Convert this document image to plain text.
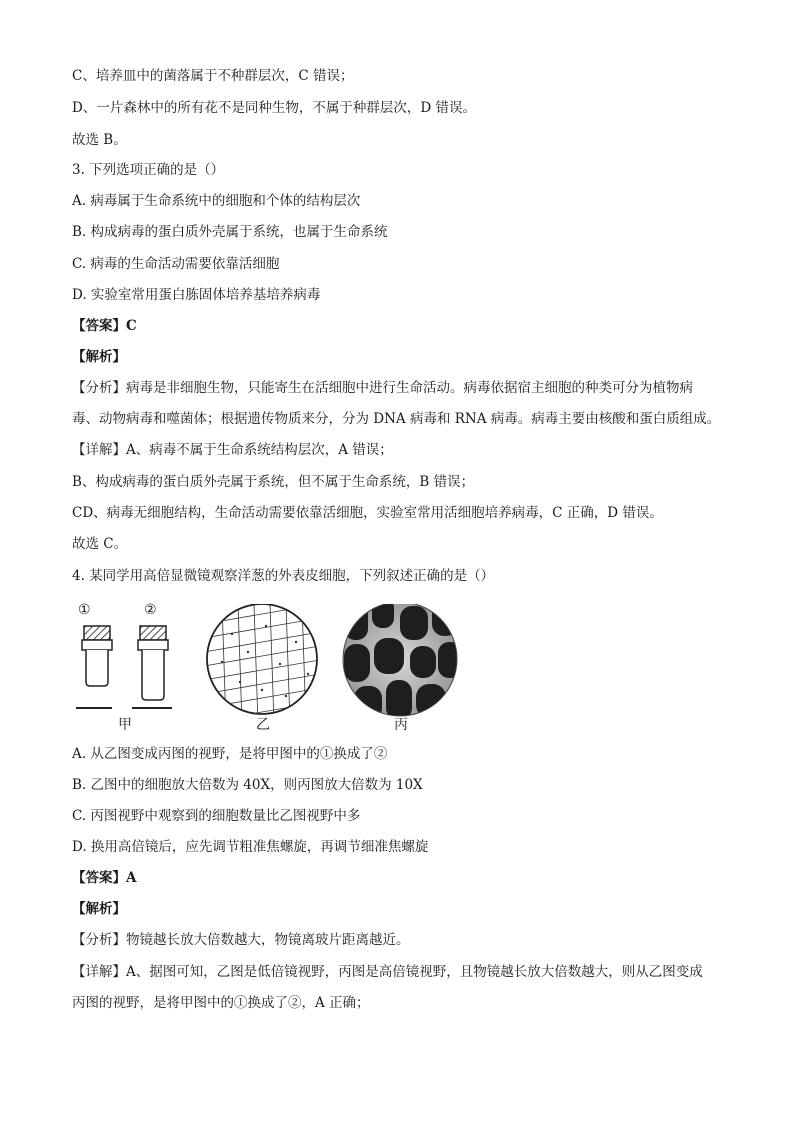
C、培养皿中的菌落属于不种群层次，C 错误；
D、一片森林中的所有花不是同种生物，不属于种群层次，D 错误。
故选 B。
3. 下列选项正确的是（）
A. 病毒属于生命系统中的细胞和个体的结构层次
B. 构成病毒的蛋白质外壳属于系统，也属于生命系统
C. 病毒的生命活动需要依靠活细胞
D. 实验室常用蛋白胨固体培养基培养病毒
【答案】C
【解析】
【分析】病毒是非细胞生物，只能寄生在活细胞中进行生命活动。病毒依据宿主细胞的种类可分为植物病
毒、动物病毒和噬菌体；根据遗传物质来分，分为 DNA 病毒和 RNA 病毒。病毒主要由核酸和蛋白质组成。
【详解】A、病毒不属于生命系统结构层次，A 错误；
B、构成病毒的蛋白质外壳属于系统，但不属于生命系统，B 错误；
CD、病毒无细胞结构，生命活动需要依靠活细胞，实验室常用活细胞培养病毒，C 正确，D 错误。
故选 C。
4. 某同学用高倍显微镜观察洋葱的外表皮细胞，下列叙述正确的是（）
①	②
甲	乙	丙
A. 从乙图变成丙图的视野，是将甲图中的①换成了②
B. 乙图中的细胞放大倍数为 40X，则丙图放大倍数为 10X
C. 丙图视野中观察到的细胞数量比乙图视野中多
D. 换用高倍镜后，应先调节粗准焦螺旋，再调节细准焦螺旋
【答案】A
【解析】
【分析】物镜越长放大倍数越大，物镜离玻片距离越近。
【详解】A、据图可知，乙图是低倍镜视野，丙图是高倍镜视野，且物镜越长放大倍数越大，则从乙图变成
丙图的视野，是将甲图中的①换成了②，A 正确；
